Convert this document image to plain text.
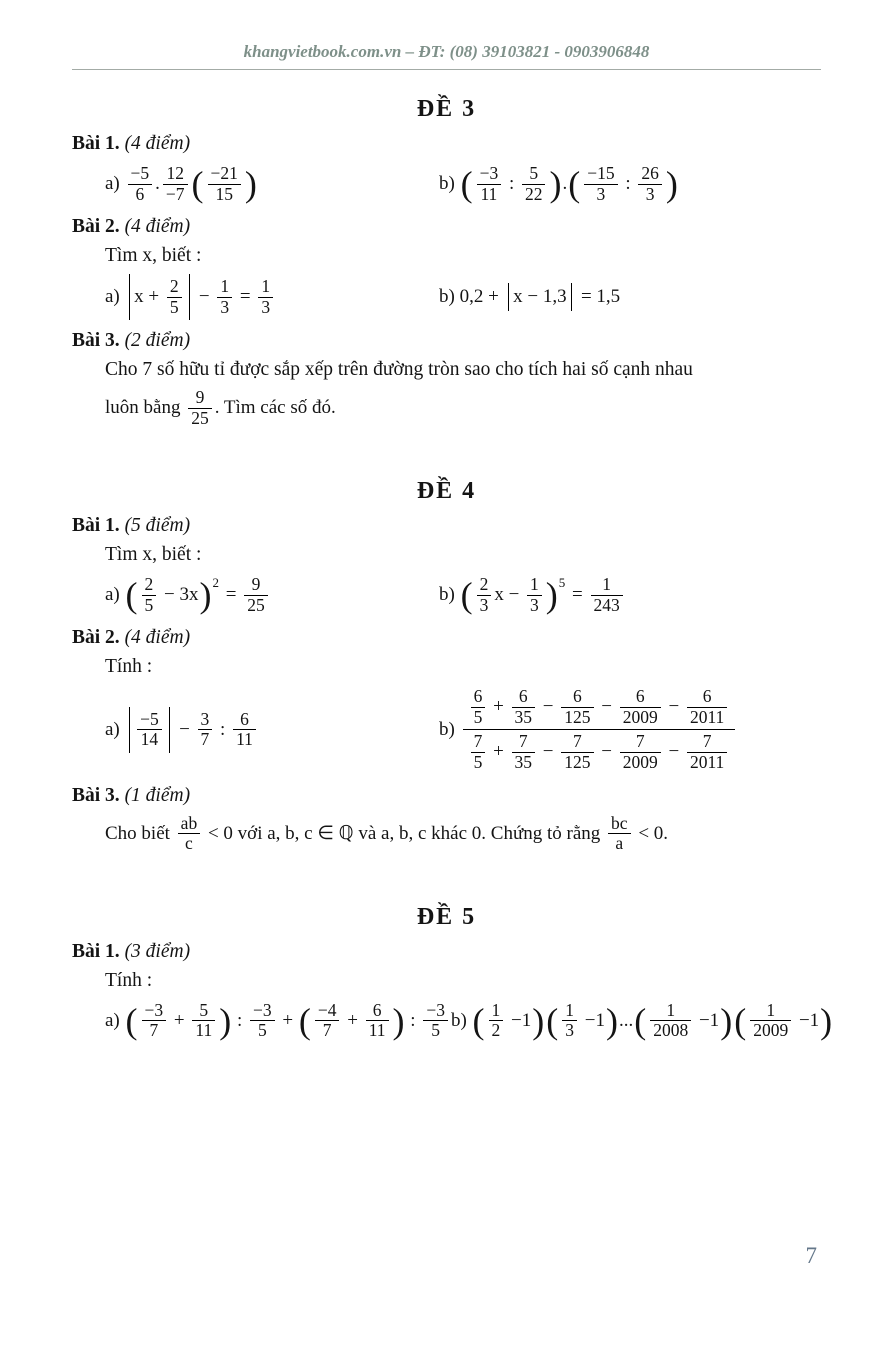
khangvietbook.com.vn – ĐT: (08) 39103821 - 0903906848
ĐỀ 3
Bài 1. (4 điểm)
$a) \frac{-5}{6}$ . $\frac{12}{-7}$ ( $\frac{-21}{15}$ )	b) ( $\frac{-3}{11}$ : $\frac{5}{22}$ ) . ( $\frac{-15}{3}$ : $\frac{26}{3}$ )
Bài 2. (4 điểm)
Tìm x, biết :
a) $x + \frac{2}{5} - \frac{1}{3} = \frac{1}{3}$	b) 0,2 + x − 1,3 = 1,5
Bài 3. (2 điểm)
Cho 7 số hữu tỉ được sắp xếp trên đường tròn sao cho tích hai số cạnh nhau
luôn bằng $\frac{9}{25}$ . Tìm các số đó.
ĐỀ 4
Bài 1. (5 điểm)
Tìm x, biết :
a) ( $\frac{2}{5} - 3x$ ) 2
= $\frac{9}{25}$	b) ( $\frac{2}{3}$ $x - \frac{1}{3}$ ) 5
= $\frac{1}{243}$
Bài 2. (4 điểm)
Tính :
$a) \frac{-5}{14} - \frac{3}{7}$ : $\frac{6}{11}$	b)
$\frac{6}{5} + \frac{6}{35} - \frac{6}{125} - \frac{6}{2009} - \frac{6}{2011}$
$\frac{7}{5} + \frac{7}{35} - \frac{7}{125} - \frac{7}{2009} - \frac{7}{2011}$
Bài 3. (1 điểm)
Cho biết $\frac{ab}{c} < 0$ với a, b, c ∈ ℚ và a, b, c khác 0. Chứng tỏ rằng $\frac{bc}{a} < 0$.
ĐỀ 5
Bài 1. (3 điểm)
Tính :
a) ( $\frac{-3}{7} + \frac{5}{11}$ ) : $\frac{-3}{5}$ + ( $\frac{-4}{7} + \frac{6}{11}$ ) : $\frac{-3}{5} b$) ( $\frac{1}{2} -1$ ) ( $\frac{1}{3} -1$ ) ... ( $\frac{1}{2008} -1$ ) ( $\frac{1}{2009} -1$ )
7
